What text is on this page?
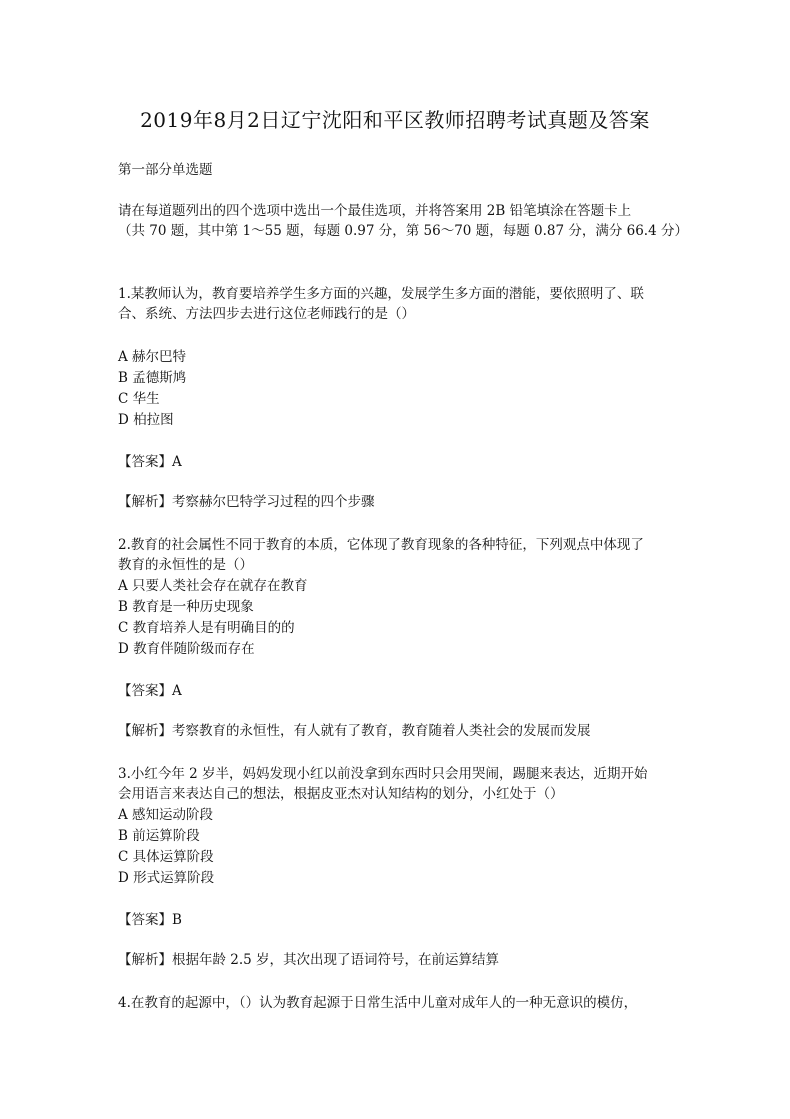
2019年8月2日辽宁沈阳和平区教师招聘考试真题及答案
第一部分单选题
请在每道题列出的四个选项中选出一个最佳选项，并将答案用 2B 铅笔填涂在答题卡上
（共 70 题，其中第 1～55 题，每题 0.97 分，第 56～70 题，每题 0.87 分，满分 66.4 分）
1.某教师认为，教育要培养学生多方面的兴趣，发展学生多方面的潜能，要依照明了、联
合、系统、方法四步去进行这位老师践行的是（）
A 赫尔巴特
B 孟德斯鸠
C 华生
D 柏拉图
【答案】A
【解析】考察赫尔巴特学习过程的四个步骤
2.教育的社会属性不同于教育的本质，它体现了教育现象的各种特征，下列观点中体现了
教育的永恒性的是（）
A 只要人类社会存在就存在教育
B 教育是一种历史现象
C 教育培养人是有明确目的的
D 教育伴随阶级而存在
【答案】A
【解析】考察教育的永恒性，有人就有了教育，教育随着人类社会的发展而发展
3.小红今年 2 岁半，妈妈发现小红以前没拿到东西时只会用哭闹，踢腿来表达，近期开始
会用语言来表达自己的想法，根据皮亚杰对认知结构的划分，小红处于（）
A 感知运动阶段
B 前运算阶段
C 具体运算阶段
D 形式运算阶段
【答案】B
【解析】根据年龄 2.5 岁，其次出现了语词符号，在前运算结算
4.在教育的起源中，（）认为教育起源于日常生活中儿童对成年人的一种无意识的模仿，
